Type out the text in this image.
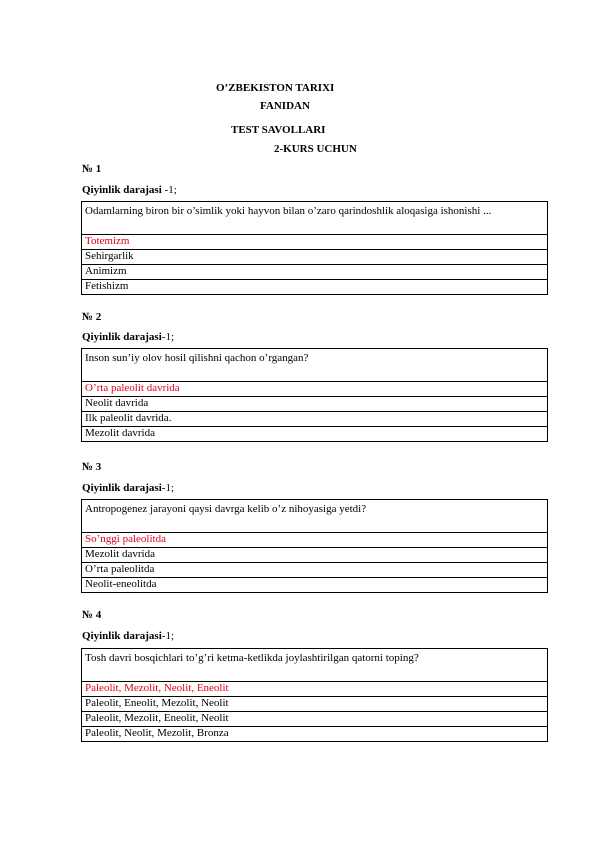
O’ZBEKISTON TARIXI
FANIDAN
TEST SAVOLLARI
2-KURS UCHUN
№ 1
Qiyinlik darajasi -1;
Odamlarning biron bir o’simlik yoki hayvon bilan o’zaro qarindoshlik aloqasiga ishonishi ...
Totemizm
Sehirgarlik
Animizm
Fetishizm
№ 2
Qiyinlik darajasi-1;
Inson sun’iy olov hosil qilishni qachon o’rgangan?
O’rta paleolit davrida
Neolit davrida
Ilk paleolit davrida.
Mezolit davrida
№ 3
Qiyinlik darajasi-1;
Antropogenez jarayoni qaysi davrga kelib o’z nihoyasiga yetdi?
So’nggi paleolitda
Mezolit davrida
O’rta paleolitda
Neolit-eneolitda
№ 4
Qiyinlik darajasi-1;
Tosh davri bosqichlari to’g’ri ketma-ketlikda joylashtirilgan qatorni toping?
Paleolit, Mezolit, Neolit, Eneolit
Paleolit, Eneolit, Mezolit, Neolit
Paleolit, Mezolit, Eneolit, Neolit
Paleolit, Neolit, Mezolit, Bronza
